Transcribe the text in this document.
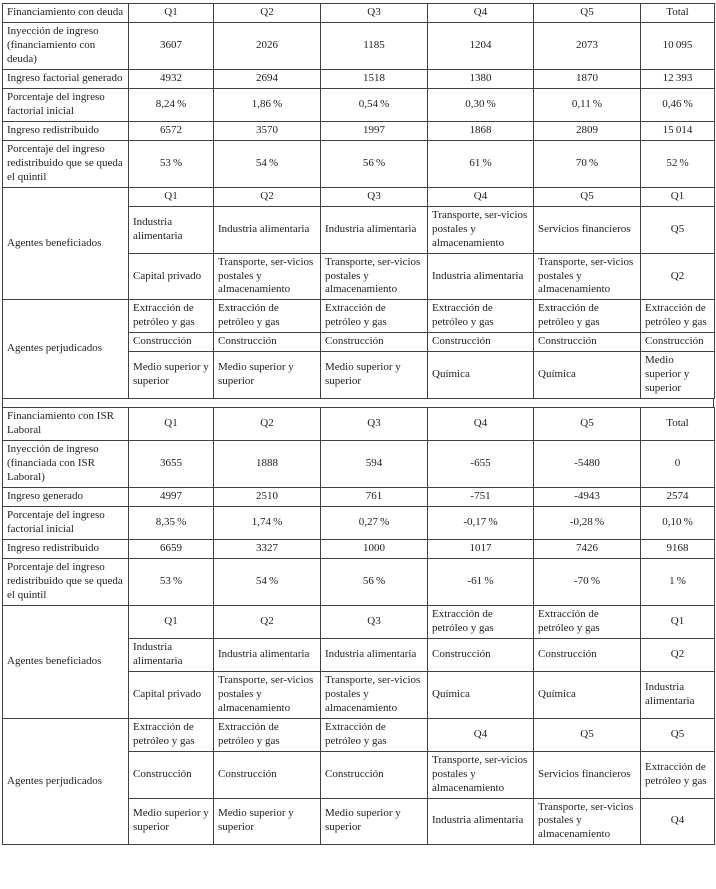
Financiamiento con deuda	Q1	Q2	Q3	Q4	Q5	Total
Inyección de ingreso (financiamiento con deuda)	3607	2026	1185	1204	2073	10 095
Ingreso factorial generado	4932	2694	1518	1380	1870	12 393
Porcentaje del ingreso factorial inicial	8,24 %	1,86 %	0,54 %	0,30 %	0,11 %	0,46 %
Ingreso redistribuido	6572	3570	1997	1868	2809	15 014
Porcentaje del ingreso redistribuido que se queda el quintil	53 %	54 %	56 %	61 %	70 %	52 %
Agentes beneficiados	Q1	Q2	Q3	Q4	Q5	Q1
	Industria alimentaria	Industria alimentaria	Industria alimentaria	Transporte, ser-vicios postales y almacenamiento	Servicios financieros	Q5
	Capital privado	Transporte, ser-vicios postales y almacenamiento	Transporte, ser-vicios postales y almacenamiento	Industria alimentaria	Transporte, ser-vicios postales y almacenamiento	Q2
Agentes perjudicados	Extracción de petróleo y gas	Extracción de petróleo y gas	Extracción de petróleo y gas	Extracción de petróleo y gas	Extracción de petróleo y gas	Extracción de petróleo y gas
	Construcción	Construcción	Construcción	Construcción	Construcción	Construcción
	Medio superior y superior	Medio superior y superior	Medio superior y superior	Química	Química	Medio superior y superior
Financiamiento con ISR Laboral	Q1	Q2	Q3	Q4	Q5	Total
Inyección de ingreso (financiada con ISR Laboral)	3655	1888	594	-655	-5480	0
Ingreso generado	4997	2510	761	-751	-4943	2574
Porcentaje del ingreso factorial inicial	8,35 %	1,74 %	0,27 %	-0,17 %	-0,28 %	0,10 %
Ingreso redistribuido	6659	3327	1000	1017	7426	9168
Porcentaje del ingreso redistribuido que se queda el quintil	53 %	54 %	56 %	-61 %	-70 %	1 %
Agentes beneficiados	Q1	Q2	Q3	Extracción de petróleo y gas	Extracción de petróleo y gas	Q1
	Industria alimentaria	Industria alimentaria	Industria alimentaria	Construcción	Construcción	Q2
	Capital privado	Transporte, ser-vicios postales y almacenamiento	Transporte, ser-vicios postales y almacenamiento	Química	Química	Industria alimentaria
Agentes perjudicados	Extracción de petróleo y gas	Extracción de petróleo y gas	Extracción de petróleo y gas	Q4	Q5	Q5
	Construcción	Construcción	Construcción	Transporte, ser-vicios postales y almacenamiento	Servicios financieros	Extracción de petróleo y gas
	Medio superior y superior	Medio superior y superior	Medio superior y superior	Industria alimentaria	Transporte, ser-vicios postales y almacenamiento	Q4
